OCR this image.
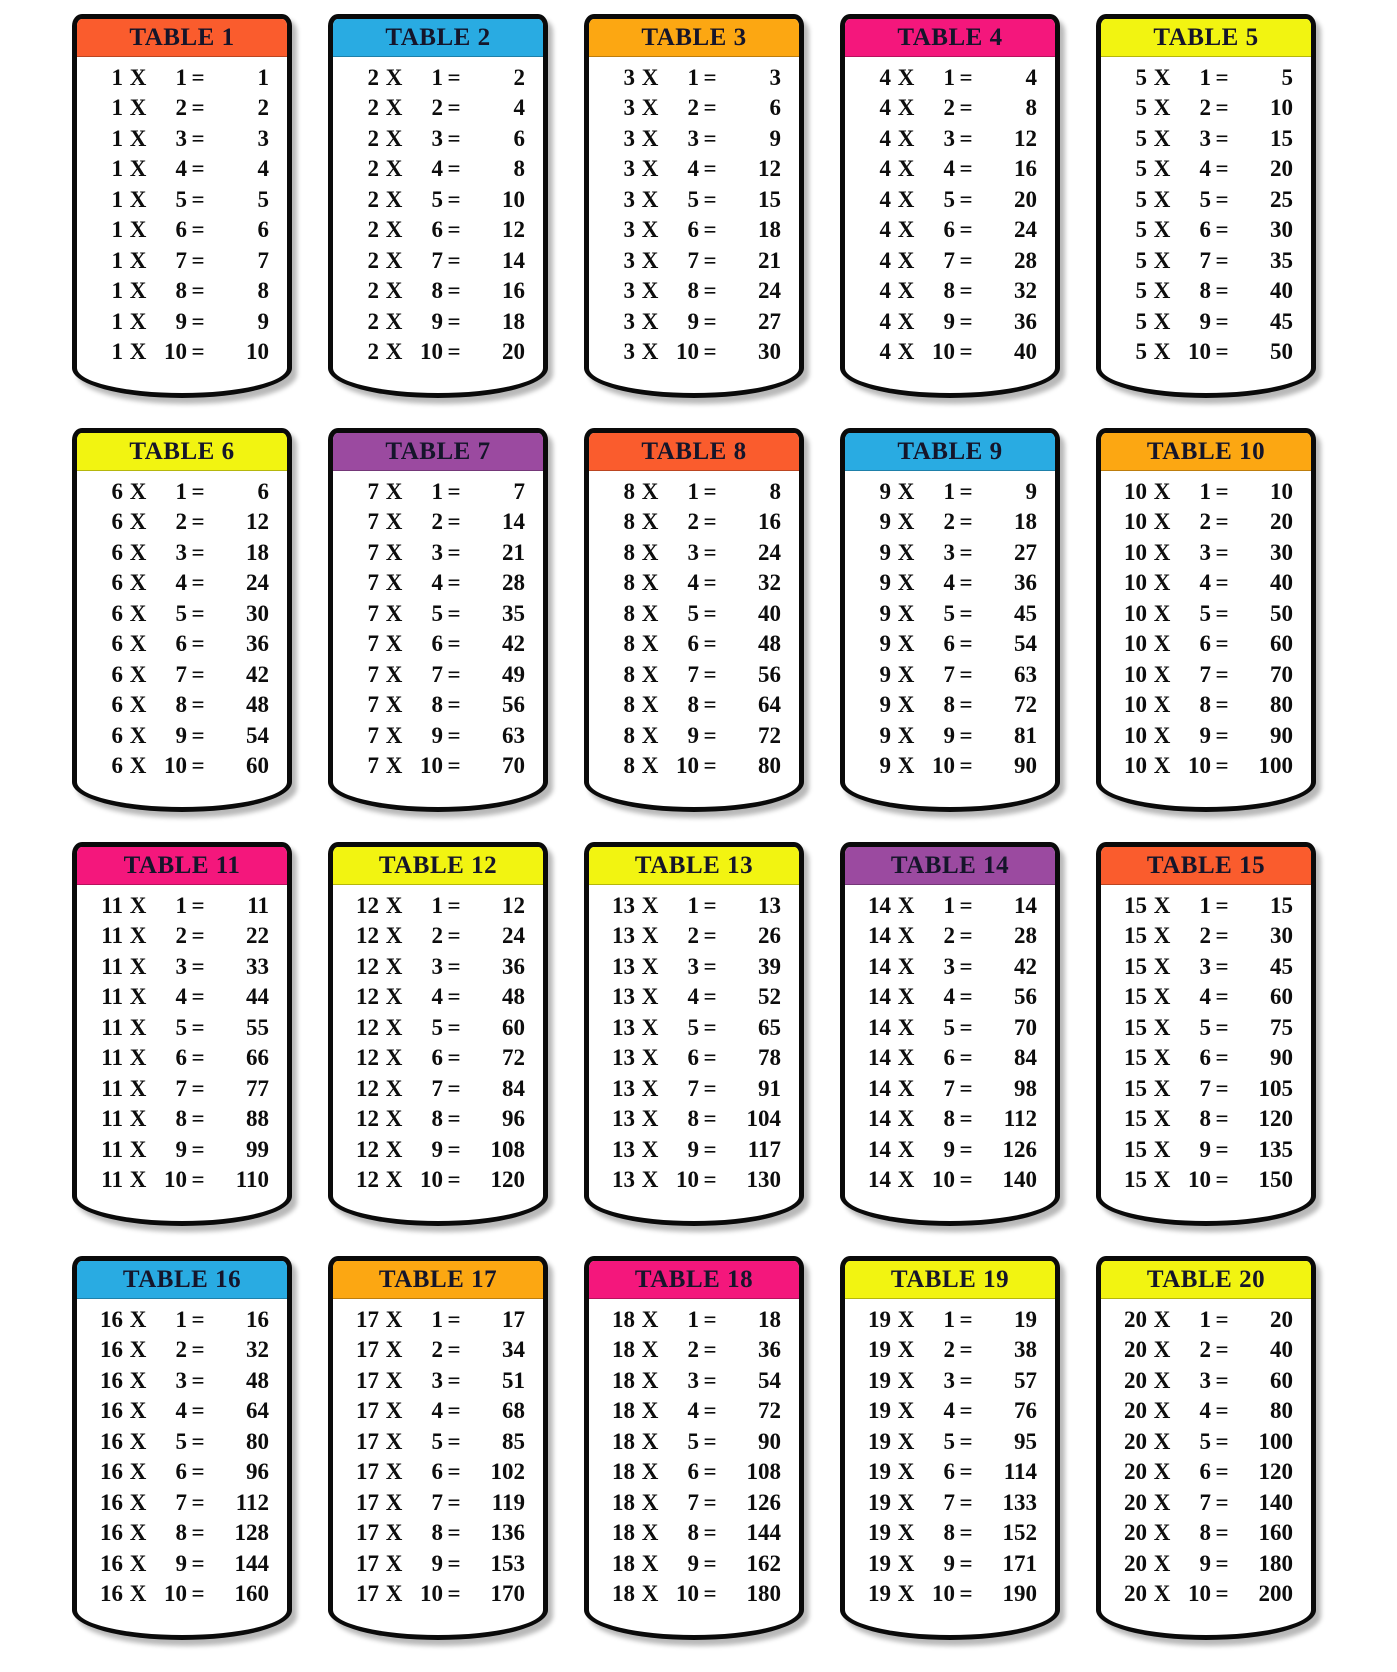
TABLE 1
1 X	1 =	1
1 X	2 =	2
1 X	3 =	3
1 X	4 =	4
1 X	5 =	5
1 X	6 =	6
1 X	7 =	7
1 X	8 =	8
1 X	9 =	9
1 X 10 =	10
TABLE 2
2 X	1 =	2
2 X	2 =	4
2 X	3 =	6
2 X	4 =	8
2 X	5 =	10
2 X	6 =	12
2 X	7 =	14
2 X	8 =	16
2 X	9 =	18
2 X 10 =	20
TABLE 3
3 X	1 =	3
3 X	2 =	6
3 X	3 =	9
3 X	4 =	12
3 X	5 =	15
3 X	6 =	18
3 X	7 =	21
3 X	8 =	24
3 X	9 =	27
3 X 10 =	30
TABLE 4
4 X	1 =	4
4 X	2 =	8
4 X	3 =	12
4 X	4 =	16
4 X	5 =	20
4 X	6 =	24
4 X	7 =	28
4 X	8 =	32
4 X	9 =	36
4 X 10 =	40
TABLE 5
5 X	1 =	5
5 X	2 =	10
5 X	3 =	15
5 X	4 =	20
5 X	5 =	25
5 X	6 =	30
5 X	7 =	35
5 X	8 =	40
5 X	9 =	45
5 X 10 =	50
TABLE 6
6 X	1 =	6
6 X	2 =	12
6 X	3 =	18
6 X	4 =	24
6 X	5 =	30
6 X	6 =	36
6 X	7 =	42
6 X	8 =	48
6 X	9 =	54
6 X 10 =	60
TABLE 7
7 X	1 =	7
7 X	2 =	14
7 X	3 =	21
7 X	4 =	28
7 X	5 =	35
7 X	6 =	42
7 X	7 =	49
7 X	8 =	56
7 X	9 =	63
7 X 10 =	70
TABLE 8
8 X	1 =	8
8 X	2 =	16
8 X	3 =	24
8 X	4 =	32
8 X	5 =	40
8 X	6 =	48
8 X	7 =	56
8 X	8 =	64
8 X	9 =	72
8 X 10 =	80
TABLE 9
9 X	1 =	9
9 X	2 =	18
9 X	3 =	27
9 X	4 =	36
9 X	5 =	45
9 X	6 =	54
9 X	7 =	63
9 X	8 =	72
9 X	9 =	81
9 X 10 =	90
TABLE 10
10 X	1 =	10
10 X	2 =	20
10 X	3 =	30
10 X	4 =	40
10 X	5 =	50
10 X	6 =	60
10 X	7 =	70
10 X	8 =	80
10 X	9 =	90
10 X 10 =	100
TABLE 11
11 X	1 =	11
11 X	2 =	22
11 X	3 =	33
11 X	4 =	44
11 X	5 =	55
11 X	6 =	66
11 X	7 =	77
11 X	8 =	88
11 X	9 =	99
11 X 10 =	110
TABLE 12
12 X	1 =	12
12 X	2 =	24
12 X	3 =	36
12 X	4 =	48
12 X	5 =	60
12 X	6 =	72
12 X	7 =	84
12 X	8 =	96
12 X	9 =	108
12 X 10 =	120
TABLE 13
13 X	1 =	13
13 X	2 =	26
13 X	3 =	39
13 X	4 =	52
13 X	5 =	65
13 X	6 =	78
13 X	7 =	91
13 X	8 =	104
13 X	9 =	117
13 X 10 =	130
TABLE 14
14 X	1 =	14
14 X	2 =	28
14 X	3 =	42
14 X	4 =	56
14 X	5 =	70
14 X	6 =	84
14 X	7 =	98
14 X	8 =	112
14 X	9 =	126
14 X 10 =	140
TABLE 15
15 X	1 =	15
15 X	2 =	30
15 X	3 =	45
15 X	4 =	60
15 X	5 =	75
15 X	6 =	90
15 X	7 =	105
15 X	8 =	120
15 X	9 =	135
15 X 10 =	150
TABLE 16
16 X	1 =	16
16 X	2 =	32
16 X	3 =	48
16 X	4 =	64
16 X	5 =	80
16 X	6 =	96
16 X	7 =	112
16 X	8 =	128
16 X	9 =	144
16 X 10 =	160
TABLE 17
17 X	1 =	17
17 X	2 =	34
17 X	3 =	51
17 X	4 =	68
17 X	5 =	85
17 X	6 =	102
17 X	7 =	119
17 X	8 =	136
17 X	9 =	153
17 X 10 =	170
TABLE 18
18 X	1 =	18
18 X	2 =	36
18 X	3 =	54
18 X	4 =	72
18 X	5 =	90
18 X	6 =	108
18 X	7 =	126
18 X	8 =	144
18 X	9 =	162
18 X 10 =	180
TABLE 19
19 X	1 =	19
19 X	2 =	38
19 X	3 =	57
19 X	4 =	76
19 X	5 =	95
19 X	6 =	114
19 X	7 =	133
19 X	8 =	152
19 X	9 =	171
19 X 10 =	190
TABLE 20
20 X	1 =	20
20 X	2 =	40
20 X	3 =	60
20 X	4 =	80
20 X	5 =	100
20 X	6 =	120
20 X	7 =	140
20 X	8 =	160
20 X	9 =	180
20 X 10 =	200
